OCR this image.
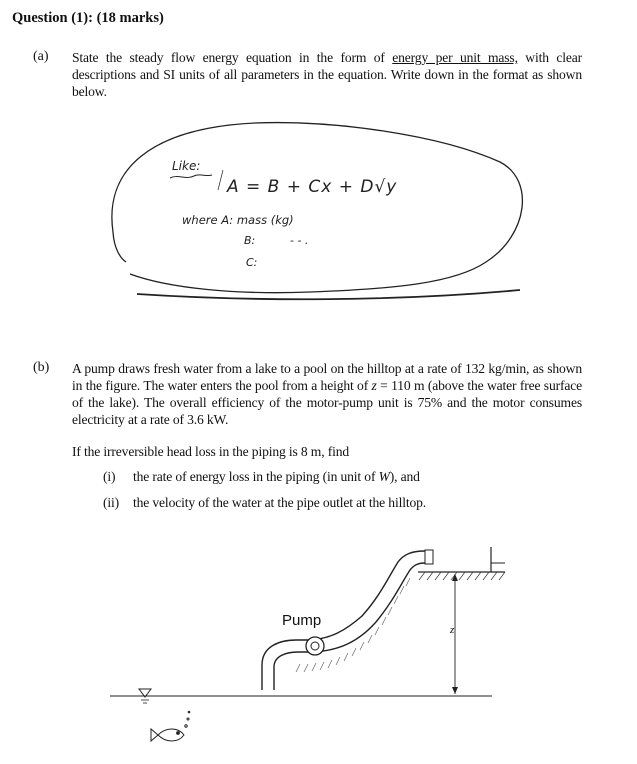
Question (1): (18 marks)
(a) State the steady flow energy equation in the form of energy per unit mass, with clear descriptions and SI units of all parameters in the equation. Write down in the format as shown below.
Like:
A = B + Cx + D√y
where A: mass (kg)
B:	- - .
C:
(b) A pump draws fresh water from a lake to a pool on the hilltop at a rate of 132 kg/min, as shown in the figure. The water enters the pool from a height of z = 110 m (above the water free surface of the lake). The overall efficiency of the motor-pump unit is 75% and the motor consumes electricity at a rate of 3.6 kW.
If the irreversible head loss in the piping is 8 m, find
(i) the rate of energy loss in the piping (in unit of W), and
(ii) the velocity of the water at the pipe outlet at the hilltop.
Pump
z
